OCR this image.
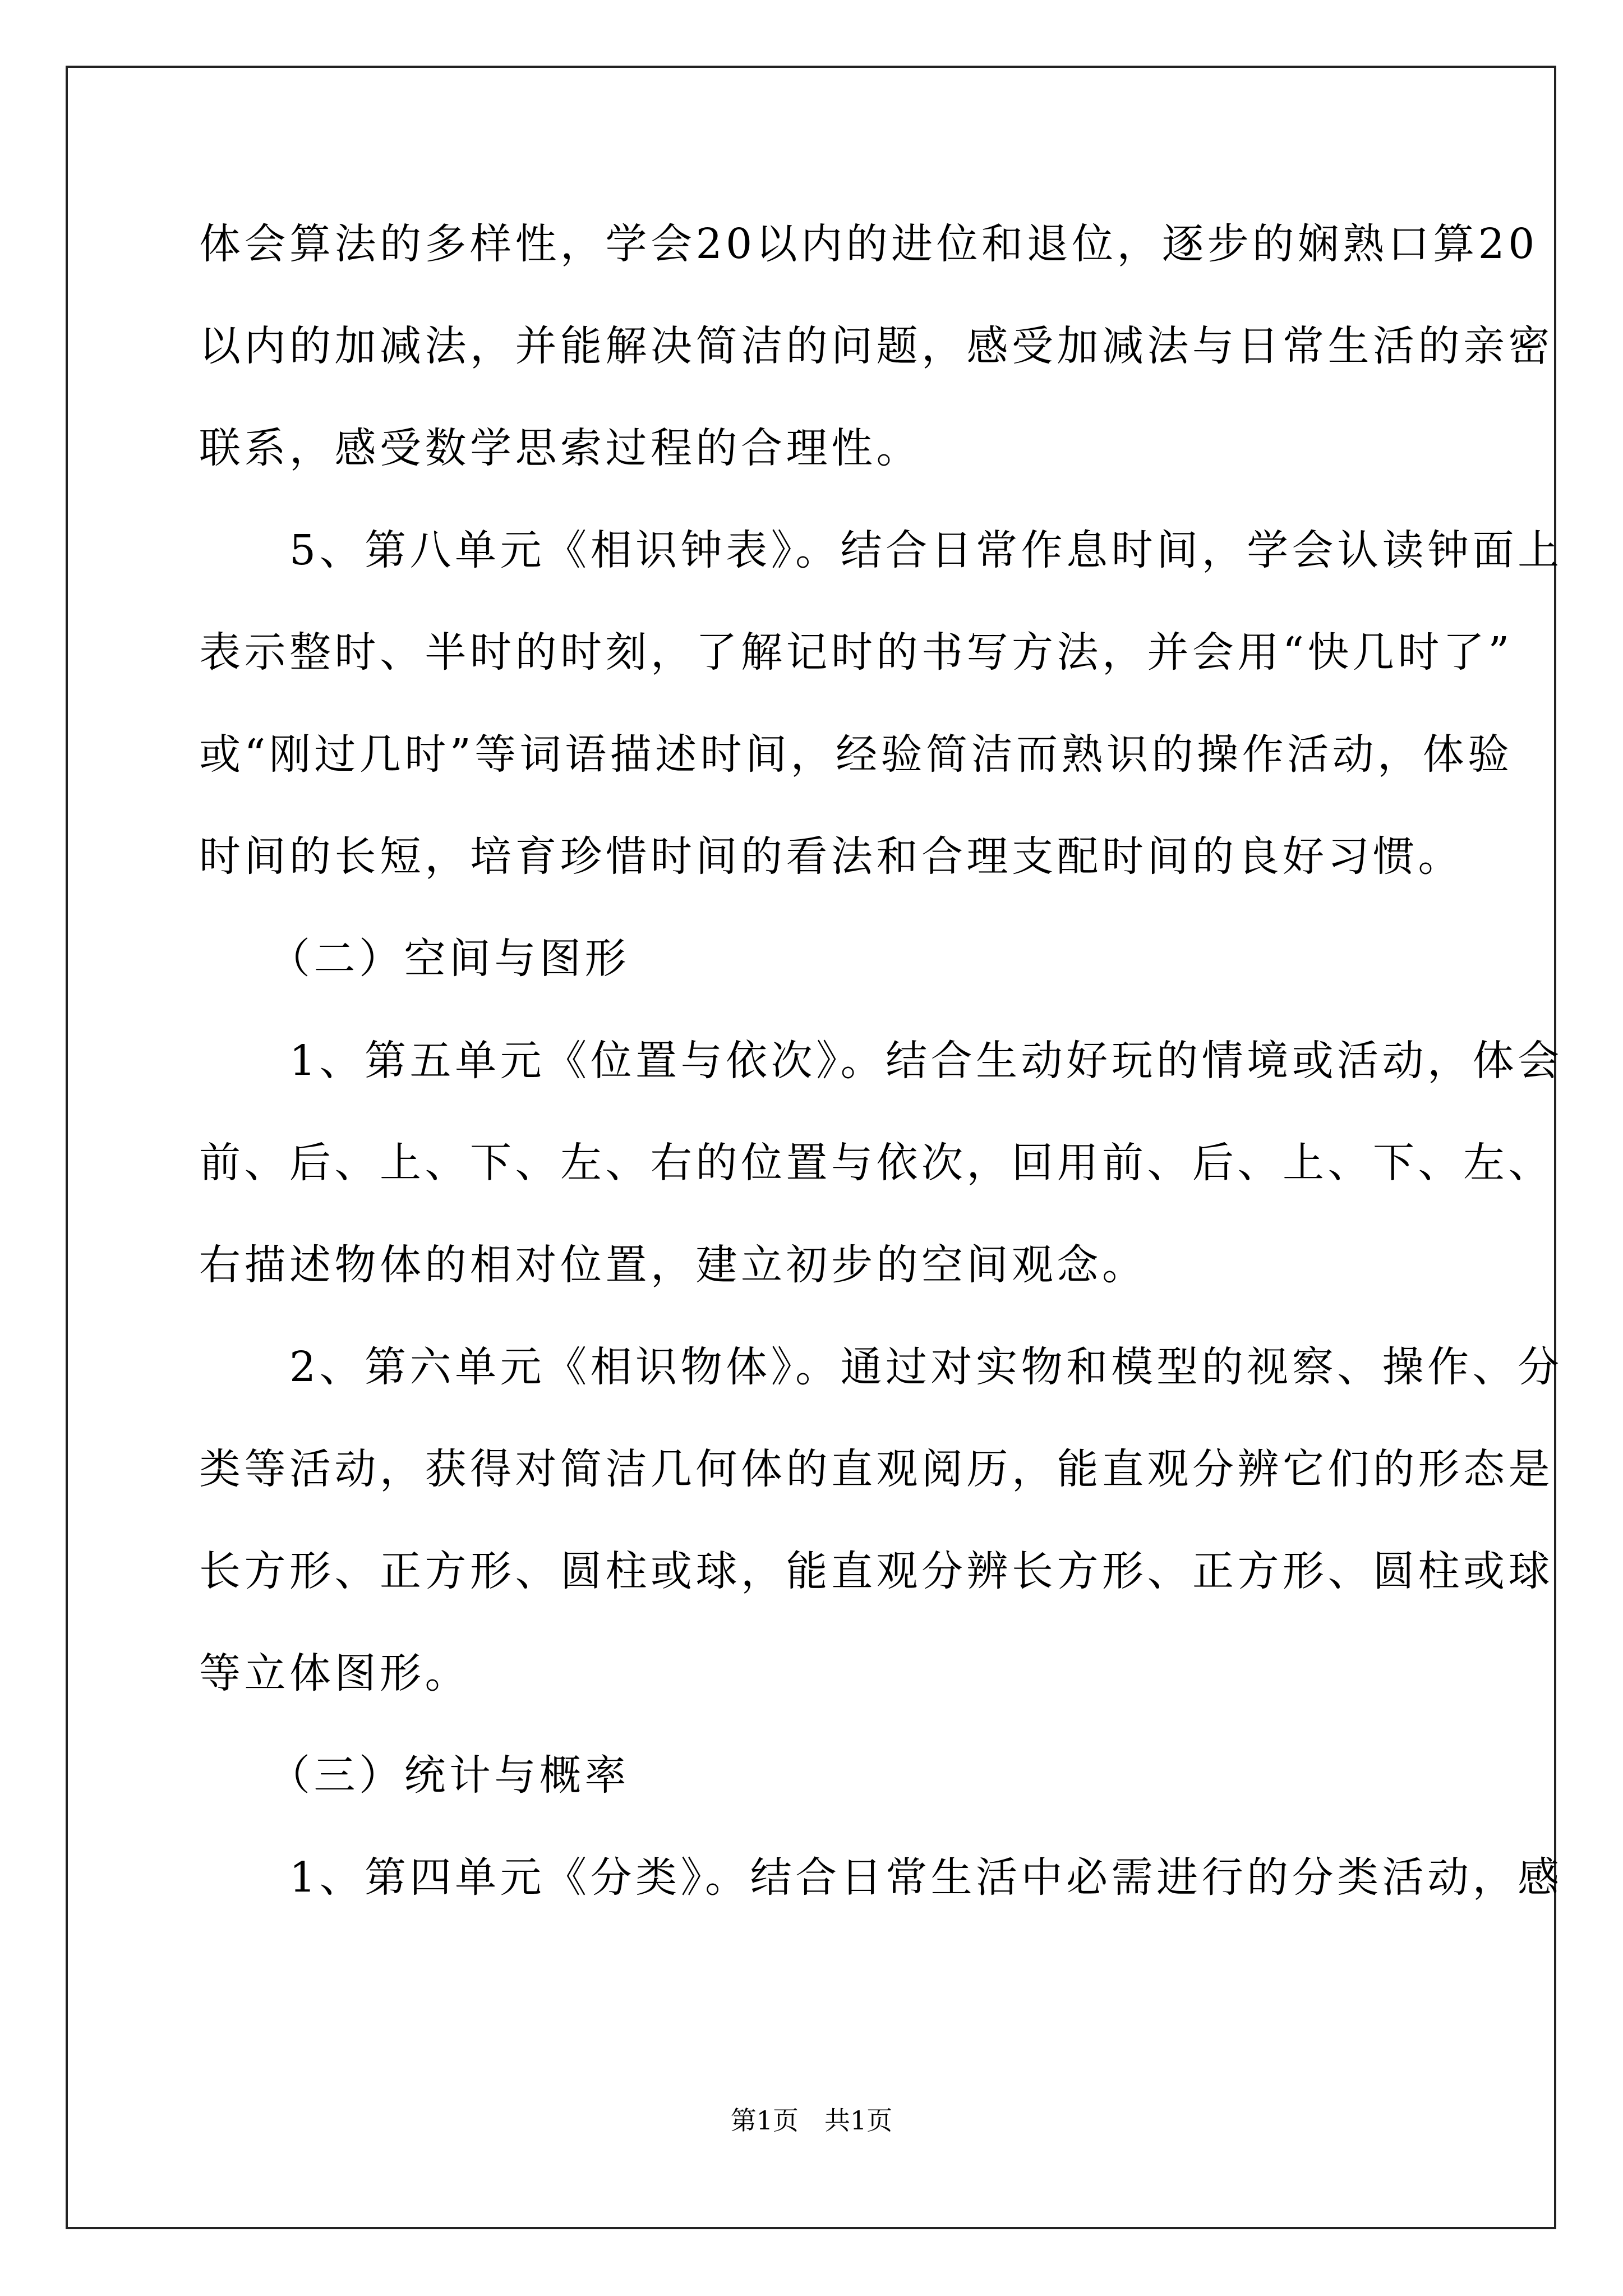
体会算法的多样性，学会20以内的进位和退位，逐步的娴熟口算20
以内的加减法，并能解决简洁的问题，感受加减法与日常生活的亲密
联系，感受数学思索过程的合理性。
　　5、第八单元《相识钟表》。结合日常作息时间，学会认读钟面上
表示整时、半时的时刻，了解记时的书写方法，并会用“快几时了”
或“刚过几时”等词语描述时间，经验简洁而熟识的操作活动，体验
时间的长短，培育珍惜时间的看法和合理支配时间的良好习惯。
　　（二）空间与图形
　　1、第五单元《位置与依次》。结合生动好玩的情境或活动，体会
前、后、上、下、左、右的位置与依次，回用前、后、上、下、左、
右描述物体的相对位置，建立初步的空间观念。
　　2、第六单元《相识物体》。通过对实物和模型的视察、操作、分
类等活动，获得对简洁几何体的直观阅历，能直观分辨它们的形态是
长方形、正方形、圆柱或球，能直观分辨长方形、正方形、圆柱或球
等立体图形。
　　（三）统计与概率
　　1、第四单元《分类》。结合日常生活中必需进行的分类活动，感
第1页　共1页
